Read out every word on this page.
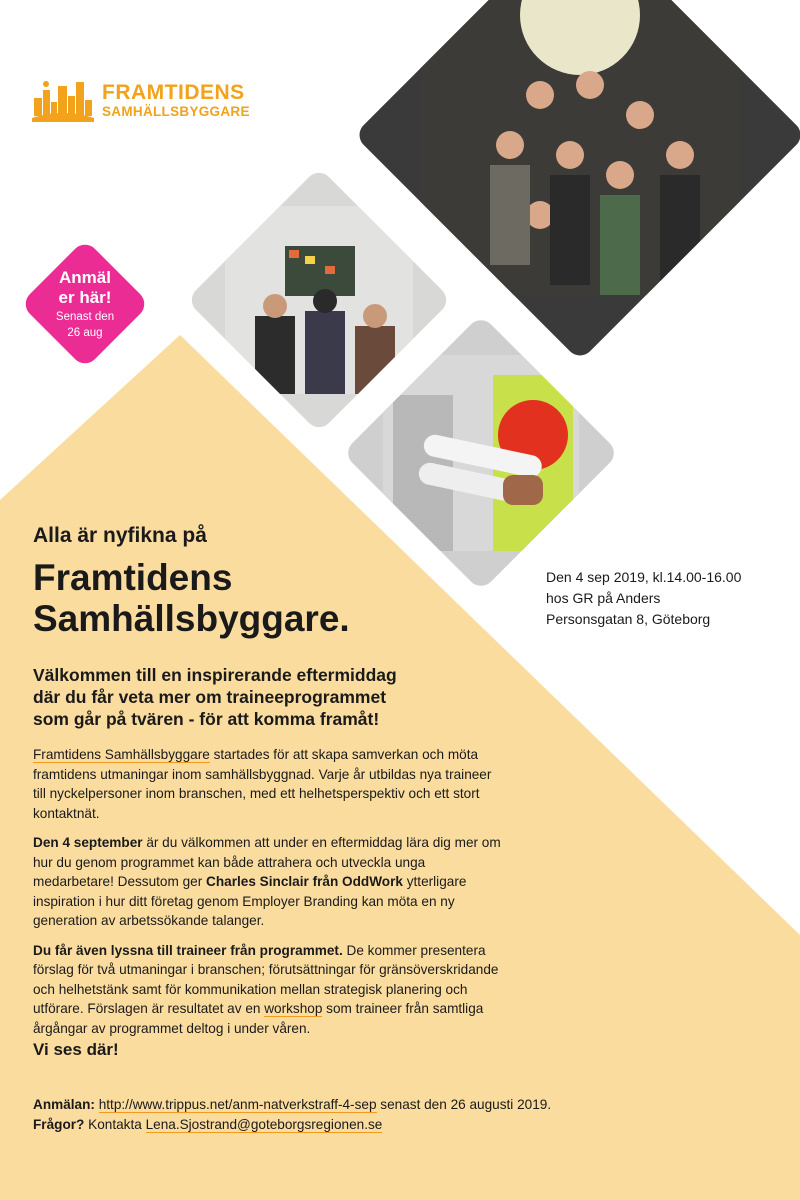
FRAMTIDENS
SAMHÄLLSBYGGARE
Anmäl
er här!
Senast den
26 aug
Alla är nyfikna på
Framtidens
Samhällsbyggare.
Den 4 sep 2019, kl.14.00-16.00
hos GR på Anders
Personsgatan 8, Göteborg
Välkommen till en inspirerande eftermiddag
där du får veta mer om traineeprogrammet
som går på tvären - för att komma framåt!

Framtidens Samhällsbyggare startades för att skapa samverkan och möta framtidens utmaningar inom samhällsbyggnad. Varje år utbildas nya traineer till nyckelpersoner inom branschen, med ett helhetsperspektiv och ett stort kontaktnät.

Den 4 september är du välkommen att under en eftermiddag lära dig mer om hur du genom programmet kan både attrahera och utveckla unga medarbetare! Dessutom ger Charles Sinclair från OddWork ytterligare inspiration i hur ditt företag genom Employer Branding kan möta en ny generation av arbetssökande talanger.

Du får även lyssna till traineer från programmet. De kommer presentera förslag för två utmaningar i branschen; förutsättningar för gränsöverskridande och helhetstänk samt för kommunikation mellan strategisk planering och utförare. Förslagen är resultatet av en workshop som traineer från samtliga årgångar av programmet deltog i under våren.

Vi ses där!
Anmälan: http://www.trippus.net/anm-natverkstraff-4-sep senast den 26 augusti 2019.
Frågor? Kontakta Lena.Sjostrand@goteborgsregionen.se
